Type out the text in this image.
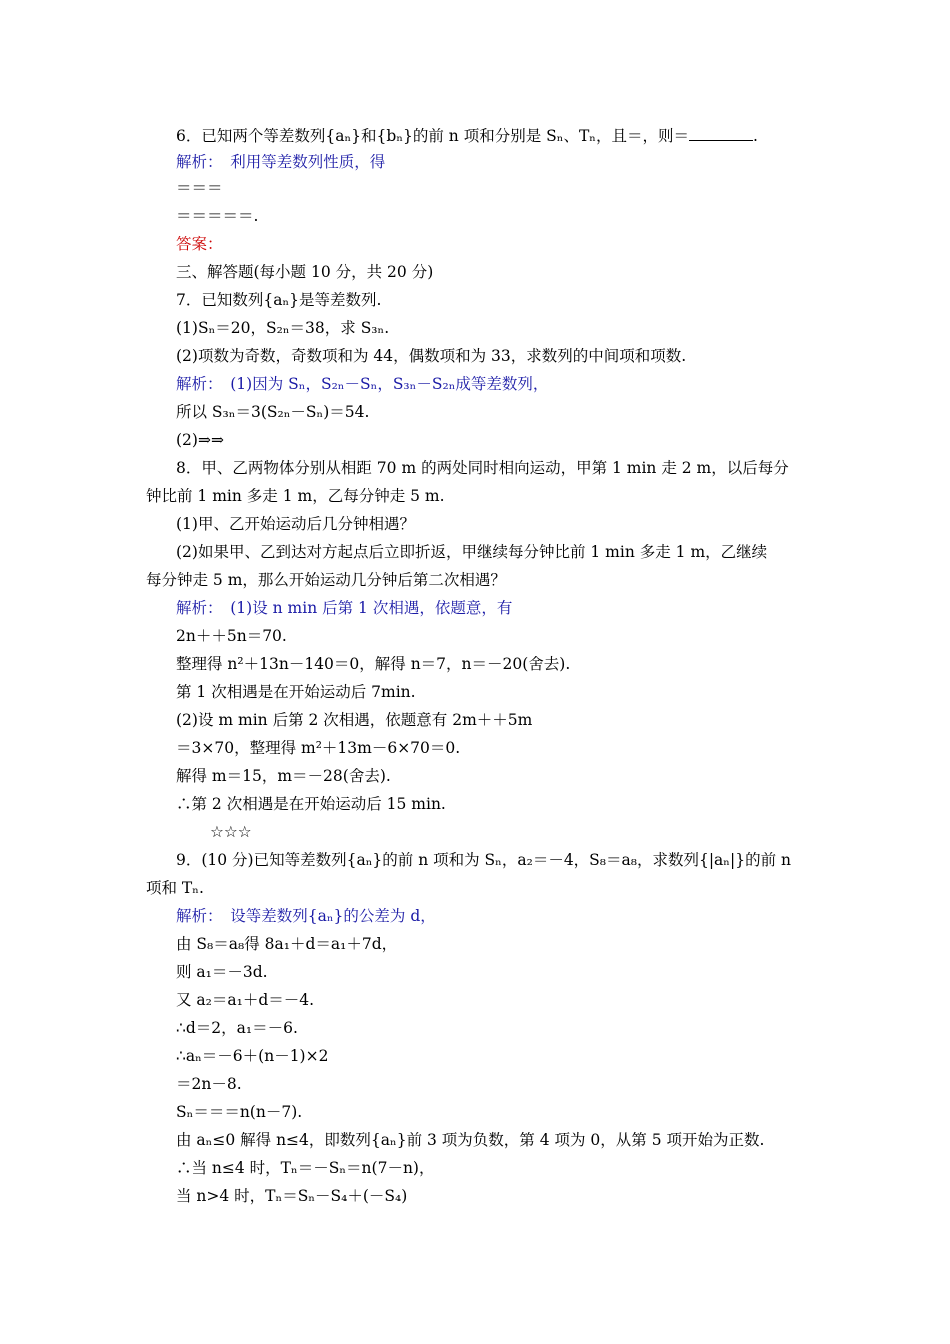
6．已知两个等差数列{aₙ}和{bₙ}的前 n 项和分别是 Sₙ、Tₙ，且＝，则＝	.
解析：　利用等差数列性质，得
＝＝＝
＝＝＝＝＝.
答案：
三、解答题(每小题 10 分，共 20 分)
7．已知数列{aₙ}是等差数列.
(1)Sₙ＝20，S₂ₙ＝38，求 S₃ₙ.
(2)项数为奇数，奇数项和为 44，偶数项和为 33，求数列的中间项和项数.
解析：　(1)因为 Sₙ，S₂ₙ－Sₙ，S₃ₙ－S₂ₙ成等差数列，
所以 S₃ₙ＝3(S₂ₙ－Sₙ)＝54.
(2)⇒⇒
8．甲、乙两物体分别从相距 70 m 的两处同时相向运动，甲第 1 min 走 2 m，以后每分
钟比前 1 min 多走 1 m，乙每分钟走 5 m.
(1)甲、乙开始运动后几分钟相遇？
(2)如果甲、乙到达对方起点后立即折返，甲继续每分钟比前 1 min 多走 1 m，乙继续
每分钟走 5 m，那么开始运动几分钟后第二次相遇？
解析：　(1)设 n min 后第 1 次相遇，依题意，有
2n＋＋5n＝70.
整理得 n²＋13n－140＝0，解得 n＝7，n＝－20(舍去).
第 1 次相遇是在开始运动后 7min.
(2)设 m min 后第 2 次相遇，依题意有 2m＋＋5m
＝3×70，整理得 m²＋13m－6×70＝0.
解得 m＝15，m＝－28(舍去).
∴第 2 次相遇是在开始运动后 15 min.
☆☆☆
9．(10 分)已知等差数列{aₙ}的前 n 项和为 Sₙ，a₂＝－4，S₈＝a₈，求数列{|aₙ|}的前 n
项和 Tₙ.
解析：　设等差数列{aₙ}的公差为 d，
由 S₈＝a₈得 8a₁＋d＝a₁＋7d，
则 a₁＝－3d.
又 a₂＝a₁＋d＝－4.
∴d＝2，a₁＝－6.
∴aₙ＝－6＋(n－1)×2
＝2n－8.
Sₙ＝＝＝n(n－7).
由 aₙ≤0 解得 n≤4，即数列{aₙ}前 3 项为负数，第 4 项为 0，从第 5 项开始为正数.
∴当 n≤4 时，Tₙ＝－Sₙ＝n(7－n)，
当 n>4 时，Tₙ＝Sₙ－S₄＋(－S₄)
